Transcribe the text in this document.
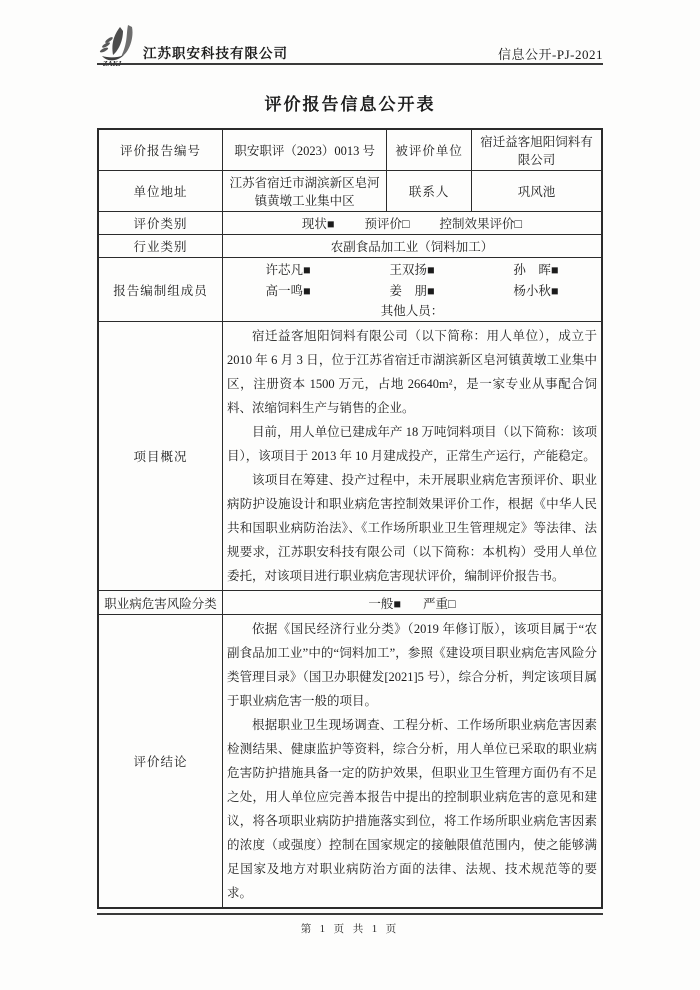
ZAKJ
江苏职安科技有限公司	信息公开-PJ-2021
评价报告信息公开表
评价报告编号	职安职评（2023）0013 号	被评价单位	宿迁益客旭阳饲料有限公司
单位地址	江苏省宿迁市湖滨新区皂河镇黄墩工业集中区	联系人	巩风池
评价类别	现状■ 预评价□ 控制效果评价□		

行业类别	农副食品加工业（饲料加工）		
报告编制组成员	
许芯凡■	王双扬■	孙　晖■
高一鸣■	姜　朋■	杨小秋■
其他人员：

项目概况	宿迁益客旭阳饲料有限公司（以下简称：用人单位），成立于 2010 年 6 月 3 日，位于江苏省宿迁市湖滨新区皂河镇黄墩工业集中区，注册资本 1500 万元，占地 26640m²，是一家专业从事配合饲料、浓缩饲料生产与销售的企业。

目前，用人单位已建成年产 18 万吨饲料项目（以下简称：该项目），该项目于 2013 年 10 月建成投产，正常生产运行，产能稳定。

该项目在筹建、投产过程中，未开展职业病危害预评价、职业病防护设施设计和职业病危害控制效果评价工作，根据《中华人民共和国职业病防治法》、《工作场所职业卫生管理规定》等法律、法规要求，江苏职安科技有限公司（以下简称：本机构）受用人单位委托，对该项目进行职业病危害现状评价，编制评价报告书。		

职业病危害风险分类	一般■ 严重□		

评价结论	依据《国民经济行业分类》（2019 年修订版），该项目属于“农副食品加工业”中的“饲料加工”，参照《建设项目职业病危害风险分类管理目录》（国卫办职健发[2021]5 号），综合分析，判定该项目属于职业病危害一般的项目。

根据职业卫生现场调查、工程分析、工作场所职业病危害因素检测结果、健康监护等资料，综合分析，用人单位已采取的职业病危害防护措施具备一定的防护效果，但职业卫生管理方面仍有不足之处，用人单位应完善本报告中提出的控制职业病危害的意见和建议，将各项职业病防护措施落实到位，将工作场所职业病危害因素的浓度（或强度）控制在国家规定的接触限值范围内，使之能够满足国家及地方对职业病防治方面的法律、法规、技术规范等的要求。		

第 1 页 共 1 页
